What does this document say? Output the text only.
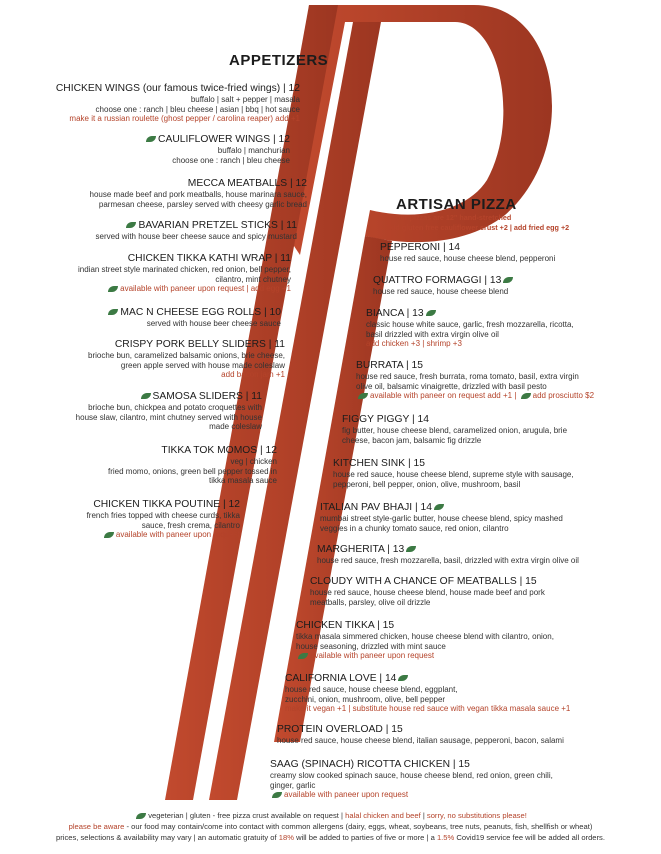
APPETIZERS
CHICKEN WINGS (our famous twice-fried wings) | 12
buffalo | salt + pepper | masala
choose one : ranch | bleu cheese | asian | bbq | hot sauce
make it a russian roulette (ghost pepper / carolina reaper) add +1
CAULIFLOWER WINGS | 12
buffalo | manchurian
choose one : ranch | bleu cheese
MECCA MEATBALLS | 12
house made beef and pork meatballs, house marinara sauce,
parmesan cheese, parsley served with cheesy garlic bread
BAVARIAN PRETZEL STICKS | 11
served with house beer cheese sauce and spicy mustard
CHICKEN TIKKA KATHI WRAP | 11
indian street style marinated chicken, red onion, bell pepper,
cilantro, mint chutney
available with paneer upon request | add egg +1
MAC N CHEESE EGG ROLLS | 10
served with house beer cheese sauce
CRISPY PORK BELLY SLIDERS | 11
brioche bun, caramelized balsamic onions, brie cheese,
green apple served with house made coleslaw
add bacon jam +1
SAMOSA SLIDERS | 11
brioche bun, chickpea and potato croquettes with
house slaw, cilantro, mint chutney served with house
made coleslaw
TIKKA TOK MOMOS | 12
veg | chicken
fried momo, onions, green bell pepper tossed in
tikka masala sauce
CHICKEN TIKKA POUTINE | 12
french fries topped with cheese curds, tikka
sauce, fresh crema, cilantro
available with paneer upon request
ARTISAN PIZZA
our pizzas are 12" hand-stretched
add gluten free cauliflower crust +2 | add fried egg +2
PEPPERONI | 14
house red sauce, house cheese blend, pepperoni
QUATTRO FORMAGGI | 13
house red sauce, house cheese blend
BIANCA | 13
classic house white sauce, garlic, fresh mozzarella, ricotta,
basil drizzled with extra virgin olive oil
add chicken +3 | shrimp +3
BURRATA | 15
house red sauce, fresh burrata, roma tomato, basil, extra virgin
olive oil, balsamic vinaigrette, drizzled with basil pesto
available with paneer on request add +1 | add prosciutto $2
FIGGY PIGGY | 14
fig butter, house cheese blend, caramelized onion, arugula, brie
cheese, bacon jam, balsamic fig drizzle
KITCHEN SINK | 15
house red sauce, house cheese blend, supreme style with sausage,
pepperoni, bell pepper, onion, olive, mushroom, basil
ITALIAN PAV BHAJI | 14
mumbai street style-garlic butter, house cheese blend, spicy mashed
veggies in a chunky tomato sauce, red onion, cilantro
MARGHERITA | 13
house red sauce, fresh mozzarella, basil, drizzled with extra virgin olive oil
CLOUDY WITH A CHANCE OF MEATBALLS | 15
house red sauce, house cheese blend, house made beef and pork
meatballs, parsley, olive oil drizzle
CHICKEN TIKKA | 15
tikka masala simmered chicken, house cheese blend with cilantro, onion,
house seasoning, drizzled with mint sauce
available with paneer upon request
CALIFORNIA LOVE | 14
house red sauce, house cheese blend, eggplant,
zucchini, onion, mushroom, olive, bell pepper
make it vegan +1 | substitute house red sauce with vegan tikka masala sauce +1
PROTEIN OVERLOAD | 15
house red sauce, house cheese blend, italian sausage, pepperoni, bacon, salami
SAAG (SPINACH) RICOTTA CHICKEN | 15
creamy slow cooked spinach sauce, house cheese blend, red onion, green chili,
ginger, garlic
available with paneer upon request
vegeterian | gluten - free pizza crust available on request | halal chicken and beef | sorry, no substitutions please!
please be aware - our food may contain/come into contact with common allergens (dairy, eggs, wheat, soybeans, tree nuts, peanuts, fish, shellfish or wheat)
prices, selections & availability may vary | an automatic gratuity of 18% will be added to parties of five or more | a 1.5% Covid19 service fee will be added all orders.
